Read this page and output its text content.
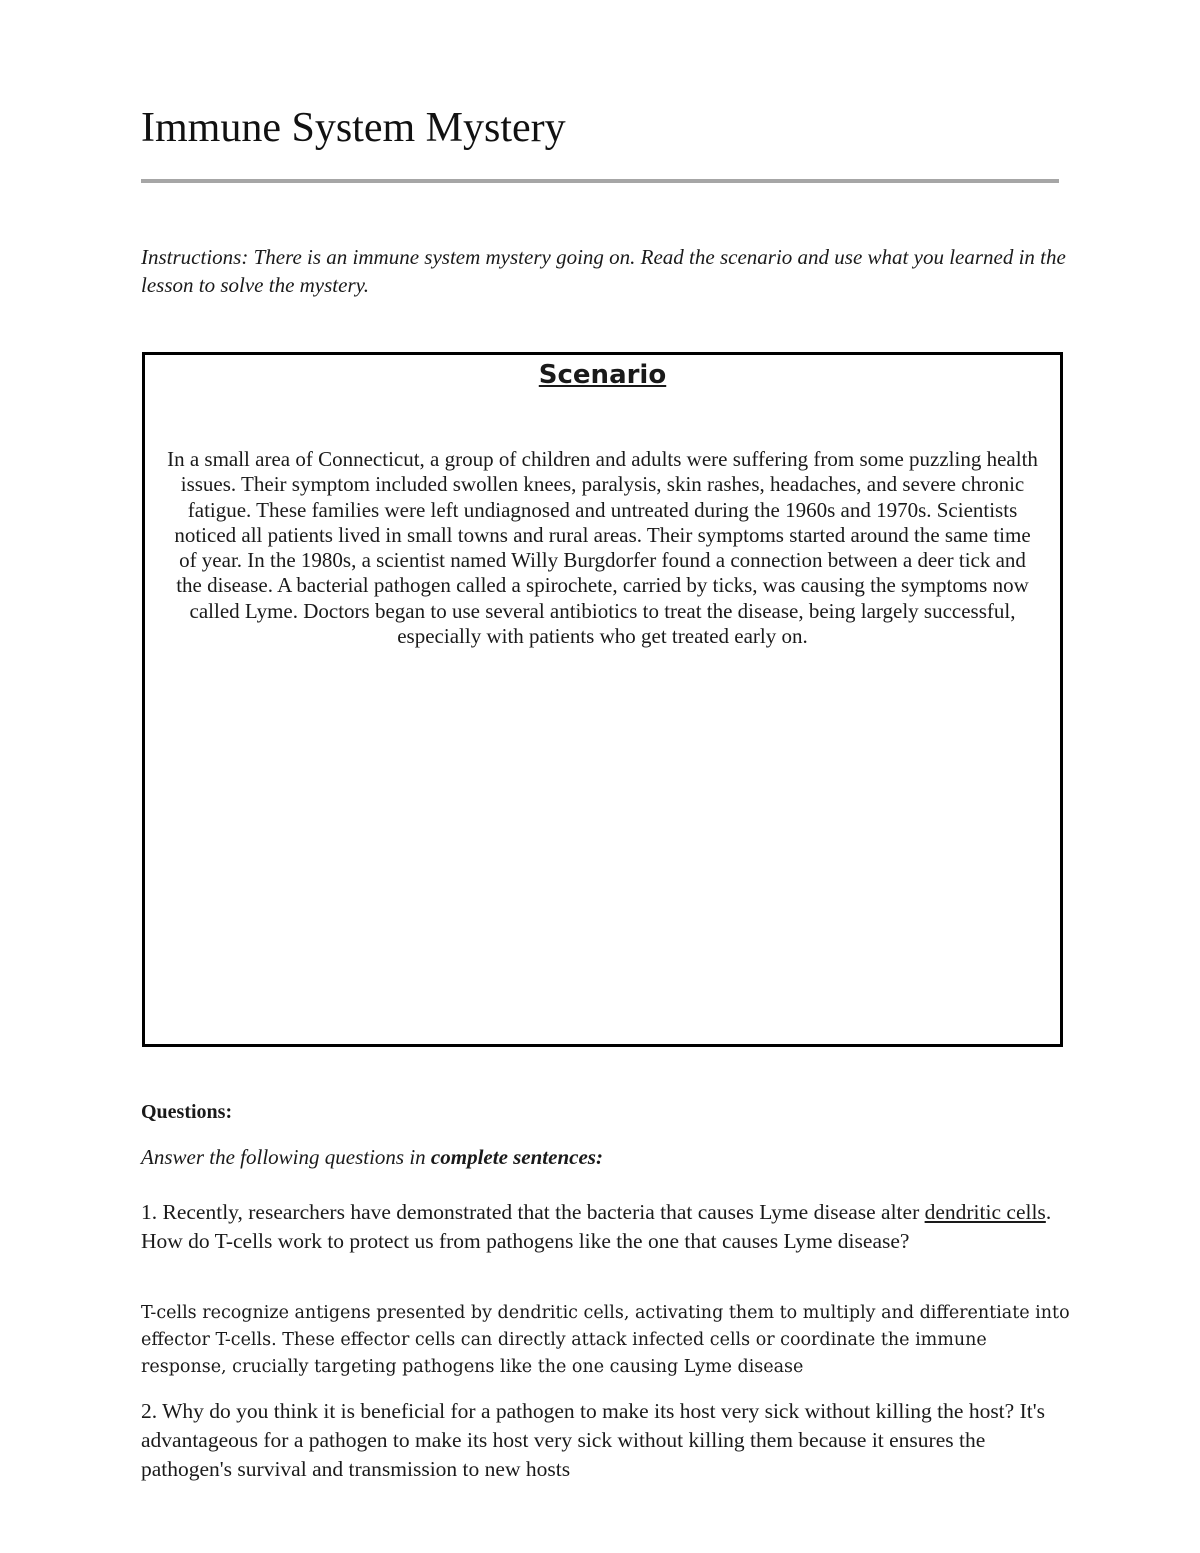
Immune System Mystery

Instructions: There is an immune system mystery going on. Read the scenario and use what you learned in the lesson to solve the mystery.

Scenario

In a small area of Connecticut, a group of children and adults were suffering from some puzzling health issues. Their symptom included swollen knees, paralysis, skin rashes, headaches, and severe chronic fatigue. These families were left undiagnosed and untreated during the 1960s and 1970s. Scientists noticed all patients lived in small towns and rural areas. Their symptoms started around the same time of year. In the 1980s, a scientist named Willy Burgdorfer found a connection between a deer tick and the disease. A bacterial pathogen called a spirochete, carried by ticks, was causing the symptoms now called Lyme. Doctors began to use several antibiotics to treat the disease, being largely successful, especially with patients who get treated early on.

Questions:

Answer the following questions in complete sentences:

1. Recently, researchers have demonstrated that the bacteria that causes Lyme disease alter dendritic cells. How do T-cells work to protect us from pathogens like the one that causes Lyme disease?

T-cells recognize antigens presented by dendritic cells, activating them to multiply and differentiate into effector T-cells. These effector cells can directly attack infected cells or coordinate the immune response, crucially targeting pathogens like the one causing Lyme disease

2. Why do you think it is beneficial for a pathogen to make its host very sick without killing the host? It's advantageous for a pathogen to make its host very sick without killing them because it ensures the pathogen's survival and transmission to new hosts
